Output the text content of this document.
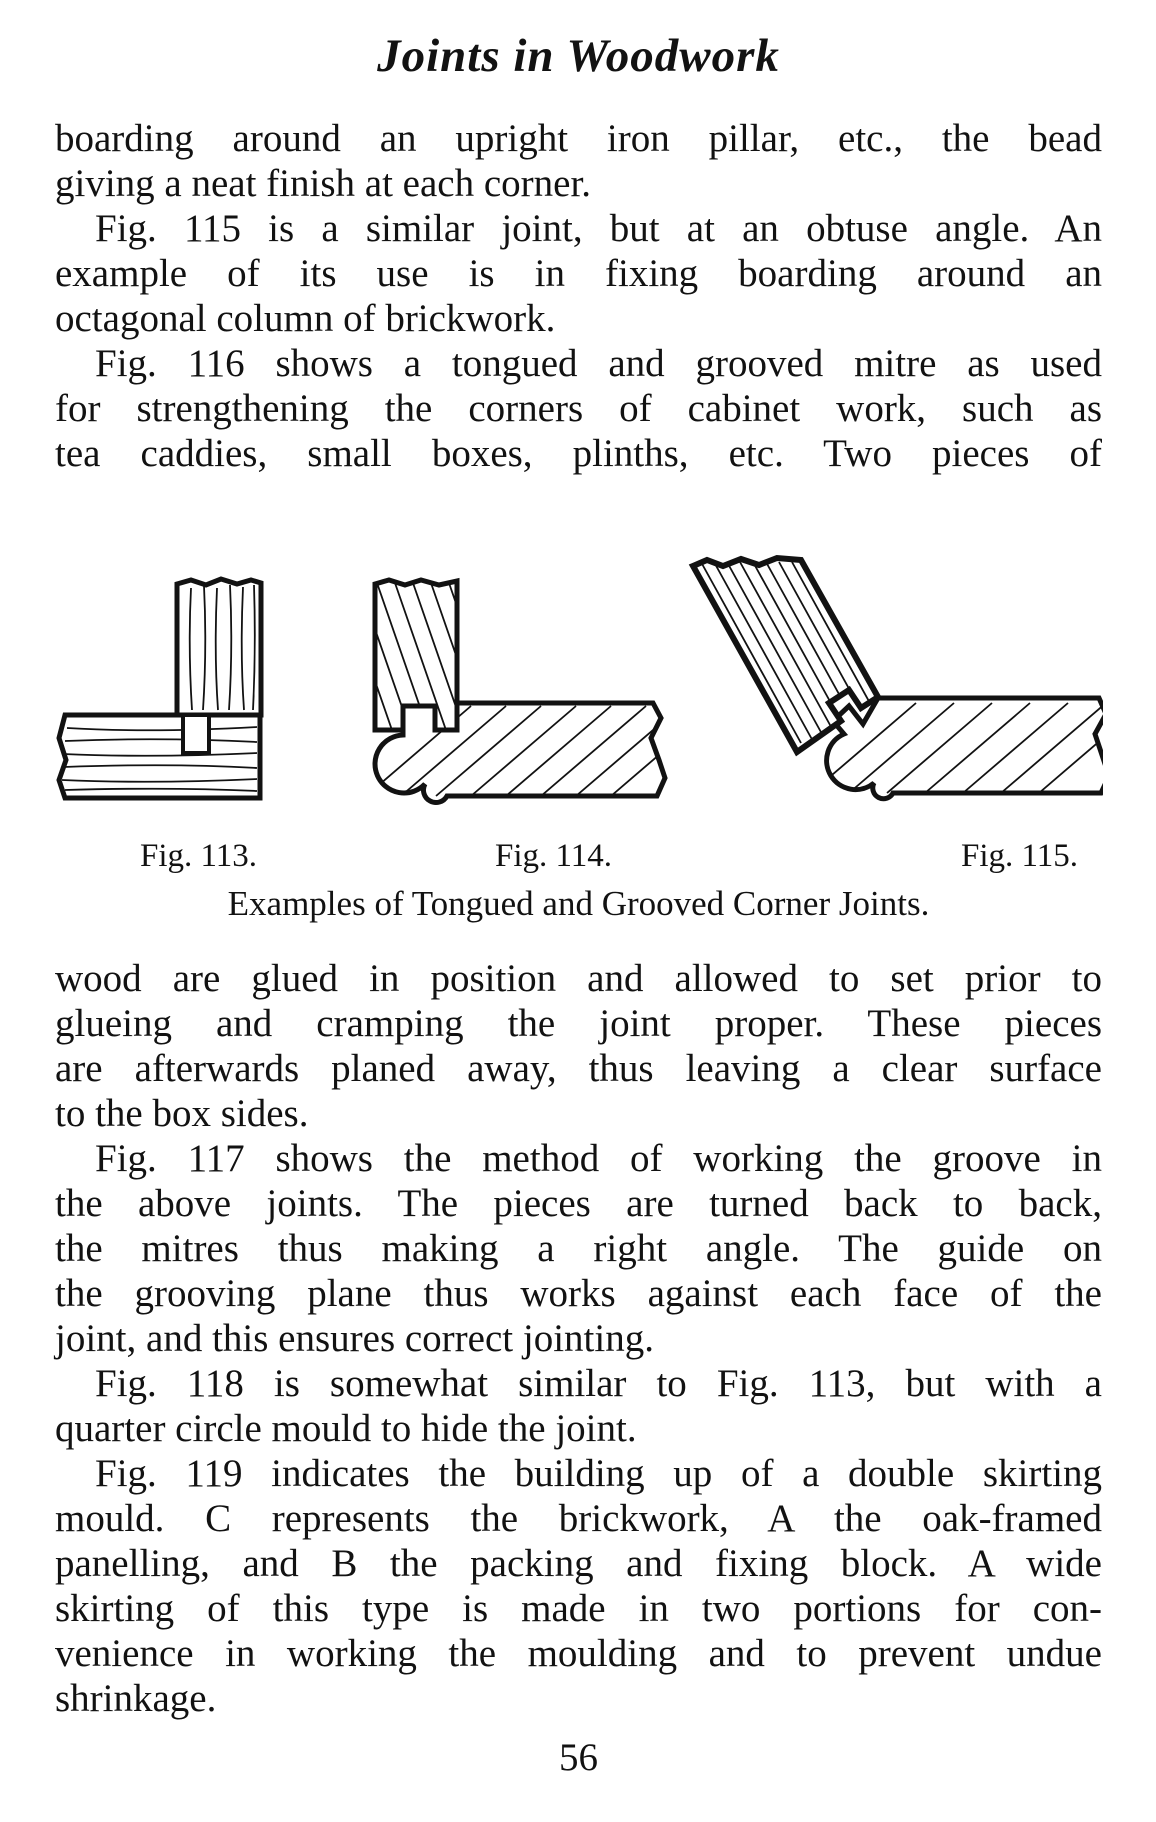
Joints in Woodwork
boarding around an upright iron pillar, etc., the bead
giving a neat finish at each corner.
Fig. 115 is a similar joint, but at an obtuse angle. An
example of its use is in fixing boarding around an
octagonal column of brickwork.
Fig. 116 shows a tongued and grooved mitre as used
for strengthening the corners of cabinet work, such as
tea caddies, small boxes, plinths, etc. Two pieces of
Fig. 113.	Fig. 114.	Fig. 115.
Examples of Tongued and Grooved Corner Joints.
wood are glued in position and allowed to set prior to
glueing and cramping the joint proper. These pieces
are afterwards planed away, thus leaving a clear surface
to the box sides.
Fig. 117 shows the method of working the groove in
the above joints. The pieces are turned back to back,
the mitres thus making a right angle. The guide on
the grooving plane thus works against each face of the
joint, and this ensures correct jointing.
Fig. 118 is somewhat similar to Fig. 113, but with a
quarter circle mould to hide the joint.
Fig. 119 indicates the building up of a double skirting
mould. C represents the brickwork, A the oak-framed
panelling, and B the packing and fixing block. A wide
skirting of this type is made in two portions for con-
venience in working the moulding and to prevent undue
shrinkage.
56
